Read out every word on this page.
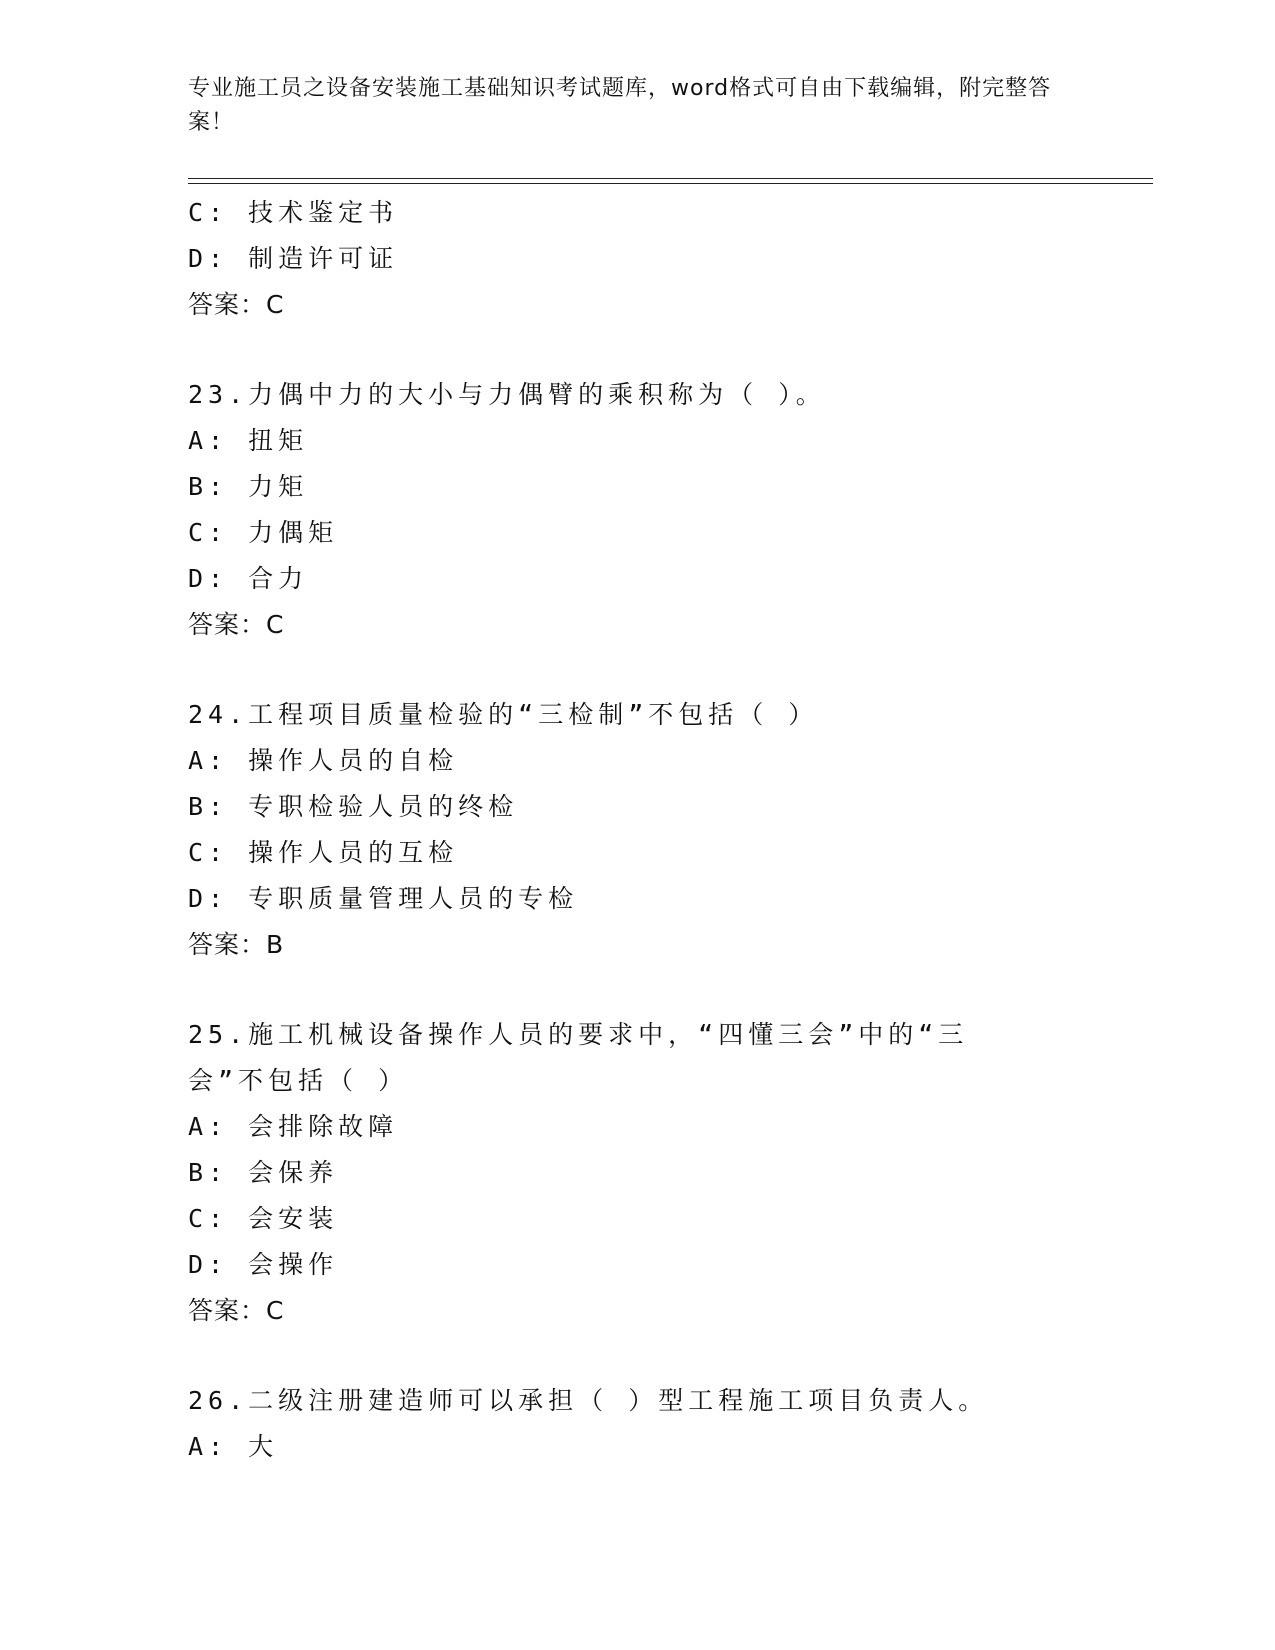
专业施工员之设备安装施工基础知识考试题库，word格式可自由下载编辑，附完整答案！

C: 技术鉴定书
D: 制造许可证
答案：C
23.力偶中力的大小与力偶臂的乘积称为（ ）。
A: 扭矩
B: 力矩
C: 力偶矩
D: 合力
答案：C
24.工程项目质量检验的“三检制”不包括（ ）
A: 操作人员的自检
B: 专职检验人员的终检
C: 操作人员的互检
D: 专职质量管理人员的专检
答案：B
25.施工机械设备操作人员的要求中，“四懂三会”中的“三会”不包括（ ）
A: 会排除故障
B: 会保养
C: 会安装
D: 会操作
答案：C
26.二级注册建造师可以承担（ ）型工程施工项目负责人。
A: 大
